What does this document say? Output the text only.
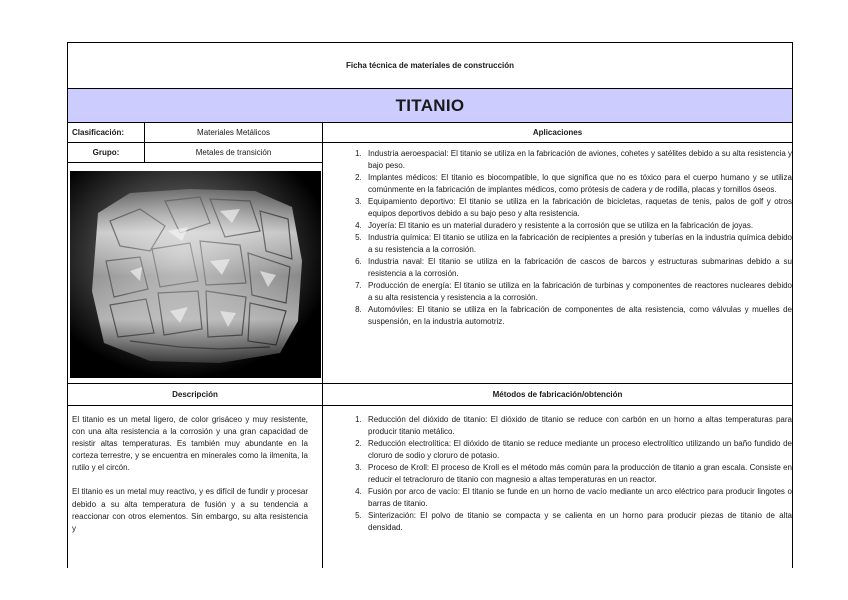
Ficha técnica de materiales de construcción
TITANIO
Clasificación:	Materiales Metálicos	Aplicaciones
Grupo:	Metales de transición
1.	Industria aeroespacial: El titanio se utiliza en la fabricación de aviones, cohetes y satélites debido a su alta resistencia y bajo peso.
2. Implantes médicos: El titanio es biocompatible, lo que significa que no es tóxico para el cuerpo humano y se utiliza comúnmente en la fabricación de implantes médicos, como prótesis de cadera y de rodilla, placas y tornillos óseos.
3. Equipamiento deportivo: El titanio se utiliza en la fabricación de bicicletas, raquetas de tenis, palos de golf y otros equipos deportivos debido a su bajo peso y alta resistencia.
4. Joyería: El titanio es un material duradero y resistente a la corrosión que se utiliza en la fabricación de joyas.
5. Industria química: El titanio se utiliza en la fabricación de recipientes a presión y tuberías en la industria química debido a su resistencia a la corrosión.
6. Industria naval: El titanio se utiliza en la fabricación de cascos de barcos y estructuras submarinas debido a su resistencia a la corrosión.
7. Producción de energía: El titanio se utiliza en la fabricación de turbinas y componentes de reactores nucleares debido a su alta resistencia y resistencia a la corrosión.
8. Automóviles: El titanio se utiliza en la fabricación de componentes de alta resistencia, como válvulas y muelles de suspensión, en la industria automotriz.
Descripción	Métodos de fabricación/obtención

El titanio es un metal ligero, de color grisáceo y muy resistente, con una alta resistencia a la corrosión y una gran capacidad de resistir altas temperaturas. Es también muy abundante en la corteza terrestre, y se encuentra en minerales como la ilmenita, la rutilo y el circón.

El titanio es un metal muy reactivo, y es difícil de fundir y procesar debido a su alta temperatura de fusión y a su tendencia a reaccionar con otros elementos. Sin embargo, su alta resistencia y

1. Reducción del dióxido de titanio: El dióxido de titanio se reduce con carbón en un horno a altas temperaturas para producir titanio metálico.
2. Reducción electrolítica: El dióxido de titanio se reduce mediante un proceso electrolítico utilizando un baño fundido de cloruro de sodio y cloruro de potasio.
3. Proceso de Kroll: El proceso de Kroll es el método más común para la producción de titanio a gran escala. Consiste en reducir el tetracloruro de titanio con magnesio a altas temperaturas en un reactor.
4. Fusión por arco de vacío: El titanio se funde en un horno de vacío mediante un arco eléctrico para producir lingotes o barras de titanio.
5. Sinterización: El polvo de titanio se compacta y se calienta en un horno para producir piezas de titanio de alta densidad.
